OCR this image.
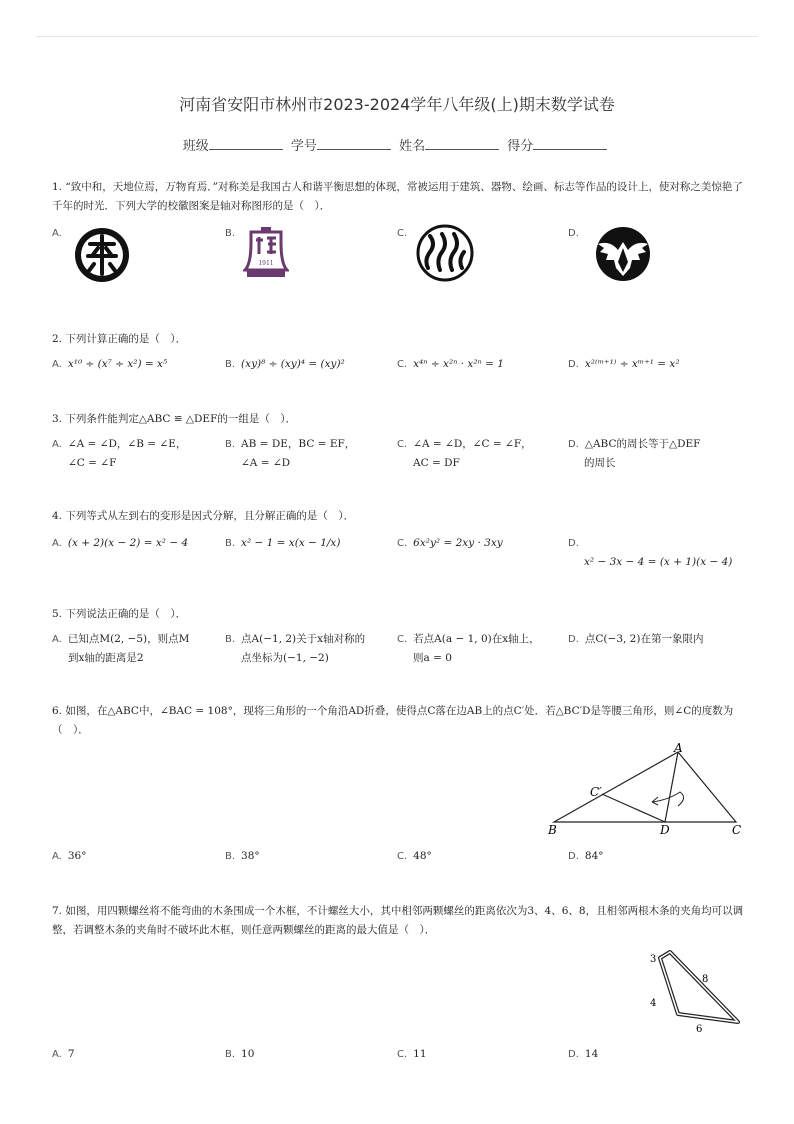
河南省安阳市林州市2023-2024学年八年级(上)期末数学试卷
班级	学号	姓名	得分
1. “致中和，天地位焉，万物育焉．”对称美是我国古人和谐平衡思想的体现，常被运用于建筑、器物、绘画、标志等作品的设计上，使对称之美惊艳了千年的时光．下列大学的校徽图案是轴对称图形的是（　）．
A.	B.
1911
C.	D.
2. 下列计算正确的是（　）．
A. x¹⁰ ÷ (x⁷ ÷ x²) = x⁵	B. (xy)⁸ ÷ (xy)⁴ = (xy)²	C. x⁴ⁿ ÷ x²ⁿ · x²ⁿ = 1	D. x²⁽ᵐ⁺¹⁾ ÷ xᵐ⁺¹ = x²
3. 下列条件能判定△ABC ≌ △DEF的一组是（　）．
A. ∠A = ∠D，∠B = ∠E，
∠C = ∠F
B. AB = DE，BC = EF，
∠A = ∠D
C. ∠A = ∠D，∠C = ∠F，
AC = DF
D. △ABC的周长等于△DEF
的周长
4. 下列等式从左到右的变形是因式分解，且分解正确的是（　）．
A. (x + 2)(x − 2) = x² − 4	B. x² − 1 = x(x − 1/x)	C. 6x²y² = 2xy · 3xy	D.
x² − 3x − 4 = (x + 1)(x − 4)
5. 下列说法正确的是（　）．
A. 已知点M(2, −5)，则点M
到x轴的距离是2
B. 点A(−1, 2)关于x轴对称的
点坐标为(−1, −2)
C. 若点A(a − 1, 0)在x轴上，
则a = 0
D. 点C(−3, 2)在第一象限内
6. 如图，在△ABC中，∠BAC = 108°，现将三角形的一个角沿AD折叠，使得点C落在边AB上的点C′处．若△BC′D是等腰三角形，则∠C的度数为（　）．
A
B	C
D
C′
A. 36°	B. 38°	C. 48°	D. 84°
7. 如图，用四颗螺丝将不能弯曲的木条围成一个木框，不计螺丝大小，其中相邻两颗螺丝的距离依次为3、4、6、8，且相邻两根木条的夹角均可以调整，若调整木条的夹角时不破坏此木框，则任意两颗螺丝的距离的最大值是（　）．
3
8
4
6
A. 7	B. 10	C. 11	D. 14
